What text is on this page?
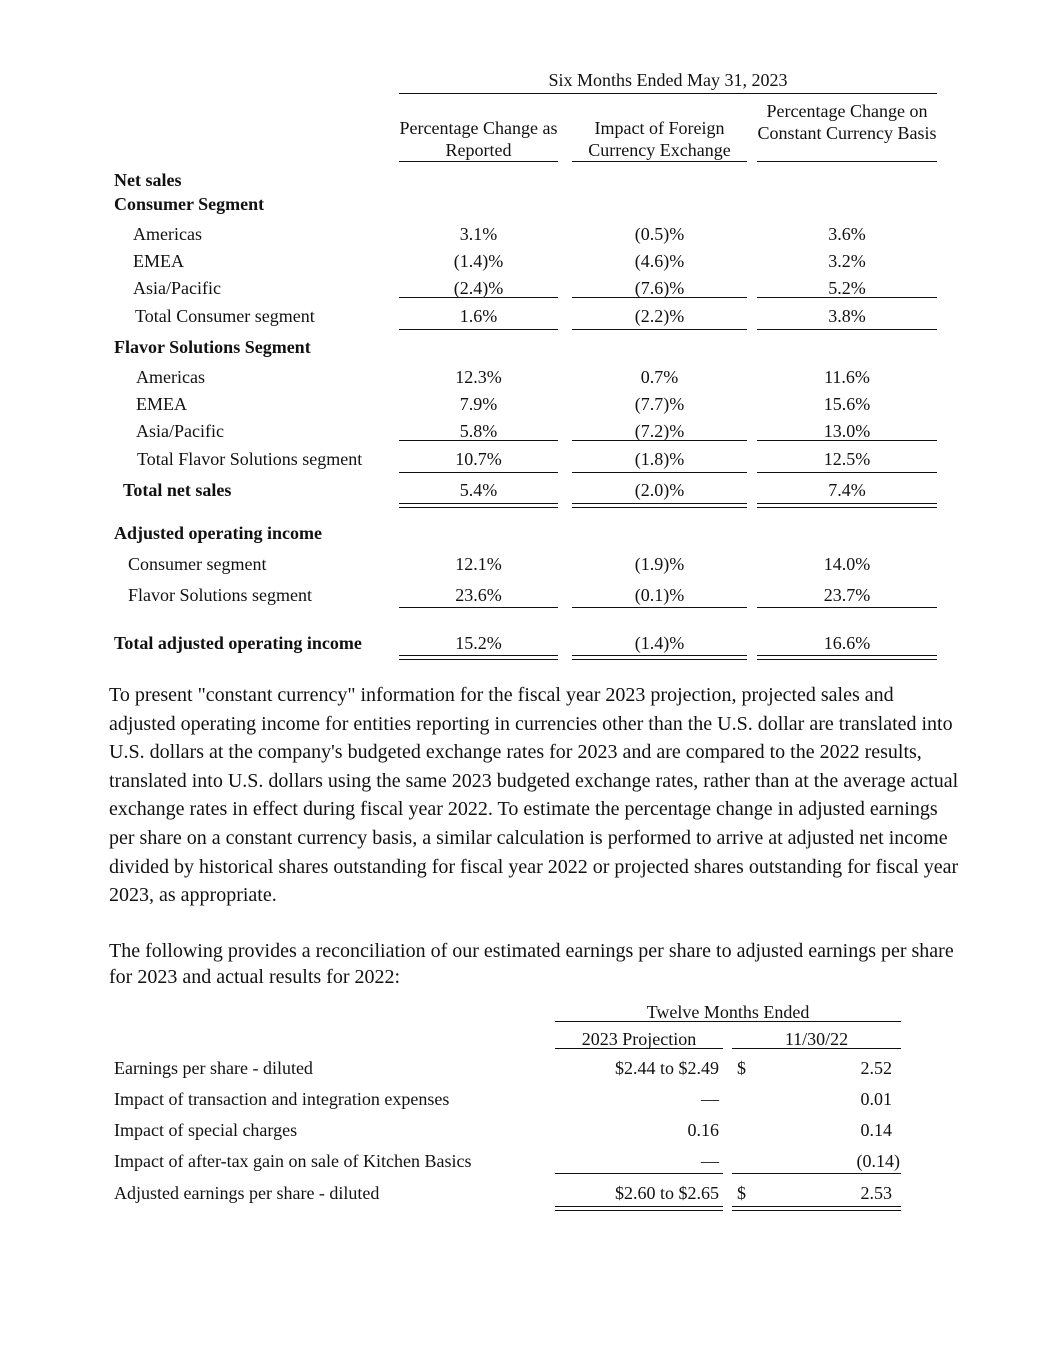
Six Months Ended May 31, 2023
Percentage Change as Reported
Impact of Foreign Currency Exchange
Percentage Change on Constant Currency Basis
Net sales
Consumer Segment
Americas	3.1%	(0.5)%	3.6%
EMEA	(1.4)%	(4.6)%	3.2%
Asia/Pacific	(2.4)%	(7.6)%	5.2%
Total Consumer segment	1.6%	(2.2)%	3.8%
Flavor Solutions Segment
Americas	12.3%	0.7%	11.6%
EMEA	7.9%	(7.7)%	15.6%
Asia/Pacific	5.8%	(7.2)%	13.0%
Total Flavor Solutions segment	10.7%	(1.8)%	12.5%
Total net sales	5.4%	(2.0)%	7.4%
Adjusted operating income
Consumer segment	12.1%	(1.9)%	14.0%
Flavor Solutions segment	23.6%	(0.1)%	23.7%
Total adjusted operating income	15.2%	(1.4)%	16.6%
To present "constant currency" information for the fiscal year 2023 projection, projected sales and adjusted operating income for entities reporting in currencies other than the U.S. dollar are translated into U.S. dollars at the company's budgeted exchange rates for 2023 and are compared to the 2022 results, translated into U.S. dollars using the same 2023 budgeted exchange rates, rather than at the average actual exchange rates in effect during fiscal year 2022. To estimate the percentage change in adjusted earnings per share on a constant currency basis, a similar calculation is performed to arrive at adjusted net income divided by historical shares outstanding for fiscal year 2022 or projected shares outstanding for fiscal year 2023, as appropriate.
The following provides a reconciliation of our estimated earnings per share to adjusted earnings per share for 2023 and actual results for 2022:
Twelve Months Ended
2023 Projection	11/30/22
Earnings per share - diluted	$2.44 to $2.49 $	2.52
Impact of transaction and integration expenses	—	0.01
Impact of special charges	0.16	0.14
Impact of after-tax gain on sale of Kitchen Basics	—	(0.14)
Adjusted earnings per share - diluted	$2.60 to $2.65 $	2.53
